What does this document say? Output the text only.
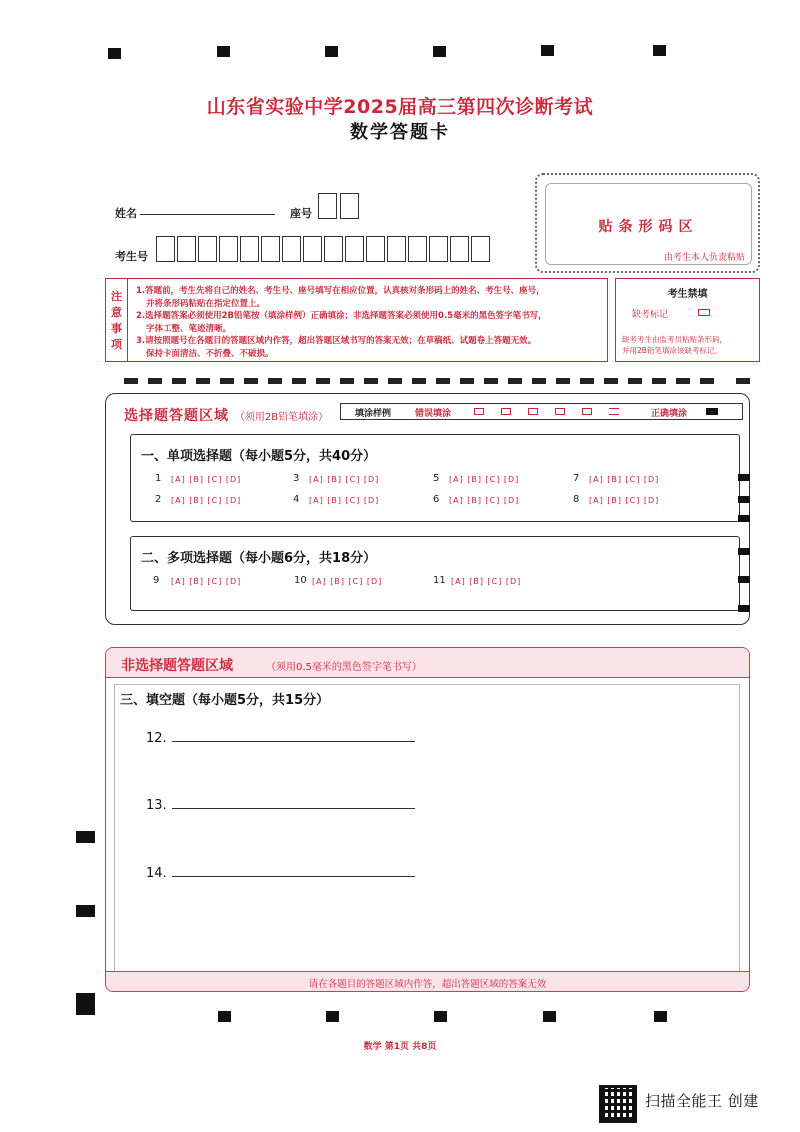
山东省实验中学2025届高三第四次诊断考试
数学答题卡
姓名	座号
考生号
贴条形码区
由考生本人负责粘贴
注
意
事
项
1.答题前，考生先将自己的姓名、考生号、座号填写在相应位置，认真核对条形码上的姓名、考生号、座号，
并将条形码粘贴在指定位置上。
2.选择题答案必须使用2B铅笔按（填涂样例）正确填涂；非选择题答案必须使用0.5毫米的黑色签字笔书写，
字体工整、笔迹清晰。
3.请按照题号在各题目的答题区域内作答，超出答题区域书写的答案无效；在草稿纸、试题卷上答题无效。
保持卡面清洁、不折叠、不破损。
考生禁填
缺考标记
缺考考生由监考员粘贴条形码，
并用2B铅笔填涂该缺考标记。
选择题答题区域 （须用2B铅笔填涂）	填涂样例	错误填涂	正确填涂
一、单项选择题（每小题5分，共40分）
1 [A] [B] [C] [D]	3 [A] [B] [C] [D]	5 [A] [B] [C] [D]	7 [A] [B] [C] [D]
2 [A] [B] [C] [D]	4 [A] [B] [C] [D]	6 [A] [B] [C] [D]	8 [A] [B] [C] [D]
二、多项选择题（每小题6分，共18分）
9 [A] [B] [C] [D]	10 [A] [B] [C] [D]	11 [A] [B] [C] [D]
非选择题答题区域	（须用0.5毫米的黑色签字笔书写）
请在各题目的答题区域内作答，超出答题区域的答案无效
三、填空题（每小题5分，共15分）
12.
13.
14.
数学 第1页 共8页
扫描全能王 创建
